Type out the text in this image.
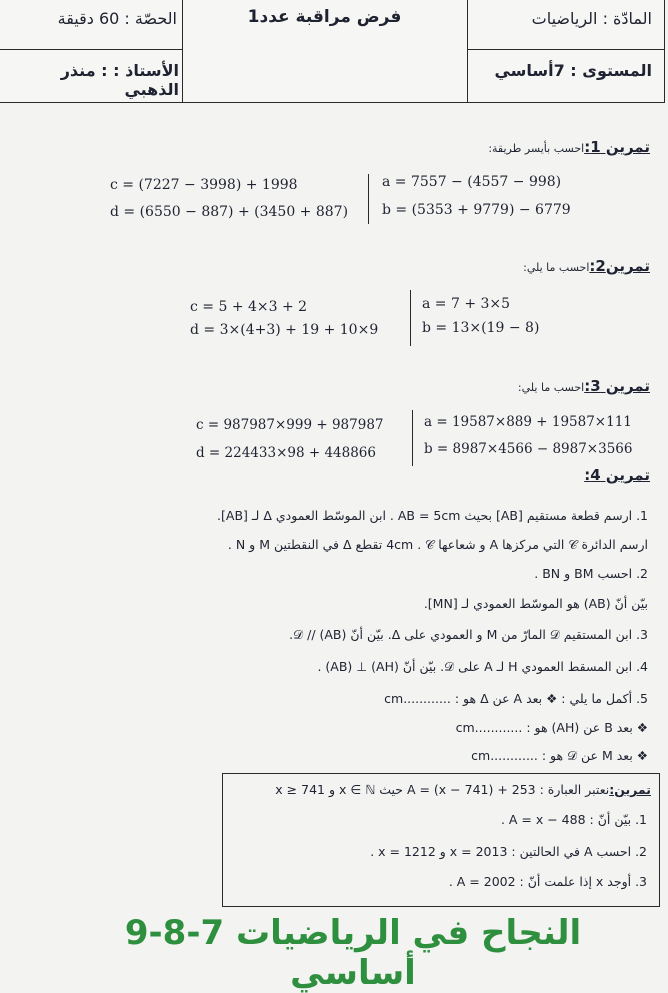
المادّة : الرياضيات
المستوى : 7أساسي
فرض مراقبة عدد1
الحصّة : 60 دقيقة
الأستاذ : : منذر الذهبي
تمرين 1:احسب بأيسر طريقة:
a = 7557 − (4557 − 998)
b = (5353 + 9779) − 6779
c = (7227 − 3998) + 1998
d = (6550 − 887) + (3450 + 887)
تمرين2:احسب ما يلي:
a = 7 + 3×5
b = 13×(19 − 8)
c = 5 + 4×3 + 2
d = 3×(4+3) + 19 + 10×9
تمرين 3:احسب ما يلي:
a = 19587×889 + 19587×111
b = 8987×4566 − 8987×3566
c = 987987×999 + 987987
d = 224433×98 + 448866
تمرين 4:
1. ارسم قطعة مستقيم [AB] بحيث AB = 5cm . ابن الموسّط العمودي Δ لـ [AB].
ارسم الدائرة 𝒞 التي مركزها A و شعاعها 4cm . 𝒞 تقطع Δ في النقطتين M و N .
2. احسب BM و BN .
بيّن أنّ (AB) هو الموسّط العمودي لـ [MN].
3. ابن المستقيم 𝒟 المارّ من M و العمودي على Δ. بيّن أنّ 𝒟 // (AB).
4. ابن المسقط العمودي H لـ A على 𝒟. بيّن أنّ (AH) ⊥ (AB) .
5. أكمل ما يلي : ❖ بعد A عن Δ هو : ............cm
❖ بعد B عن (AH) هو : ............cm
❖ بعد M عن 𝒟 هو : ............cm
تمرين:نعتبر العبارة : A = (x − 741) + 253 حيث x ∈ ℕ و x ≥ 741
1. بيّن أنّ : A = x − 488 .
2. احسب A في الحالتين : x = 2013 و x = 1212 .
3. أوجد x إذا علمت أنّ : A = 2002 .
النجاح في الرياضيات 7-8-9 أساسي
